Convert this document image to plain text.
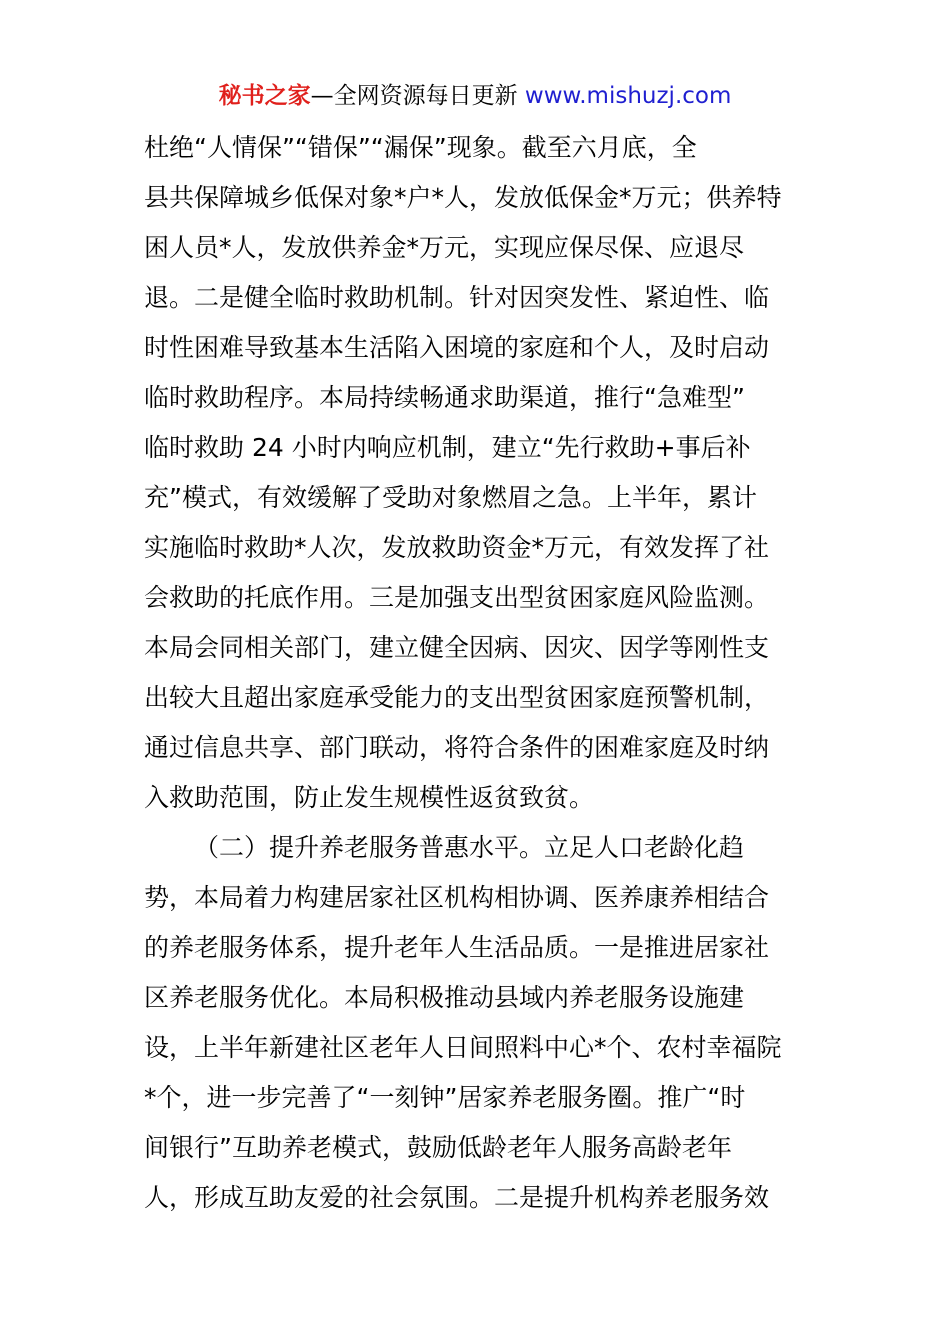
秘书之家—全网资源每日更新 www.mishuzj.com
杜绝“人情保”“错保”“漏保”现象。截至六月底，全
县共保障城乡低保对象*户*人，发放低保金*万元；供养特
困人员*人，发放供养金*万元，实现应保尽保、应退尽
退。二是健全临时救助机制。针对因突发性、紧迫性、临
时性困难导致基本生活陷入困境的家庭和个人，及时启动
临时救助程序。本局持续畅通求助渠道，推行“急难型”
临时救助 24 小时内响应机制，建立“先行救助+事后补
充”模式，有效缓解了受助对象燃眉之急。上半年，累计
实施临时救助*人次，发放救助资金*万元，有效发挥了社
会救助的托底作用。三是加强支出型贫困家庭风险监测。
本局会同相关部门，建立健全因病、因灾、因学等刚性支
出较大且超出家庭承受能力的支出型贫困家庭预警机制，
通过信息共享、部门联动，将符合条件的困难家庭及时纳
入救助范围，防止发生规模性返贫致贫。
（二）提升养老服务普惠水平。立足人口老龄化趋
势，本局着力构建居家社区机构相协调、医养康养相结合
的养老服务体系，提升老年人生活品质。一是推进居家社
区养老服务优化。本局积极推动县域内养老服务设施建
设，上半年新建社区老年人日间照料中心*个、农村幸福院
*个，进一步完善了“一刻钟”居家养老服务圈。推广“时
间银行”互助养老模式，鼓励低龄老年人服务高龄老年
人，形成互助友爱的社会氛围。二是提升机构养老服务效
